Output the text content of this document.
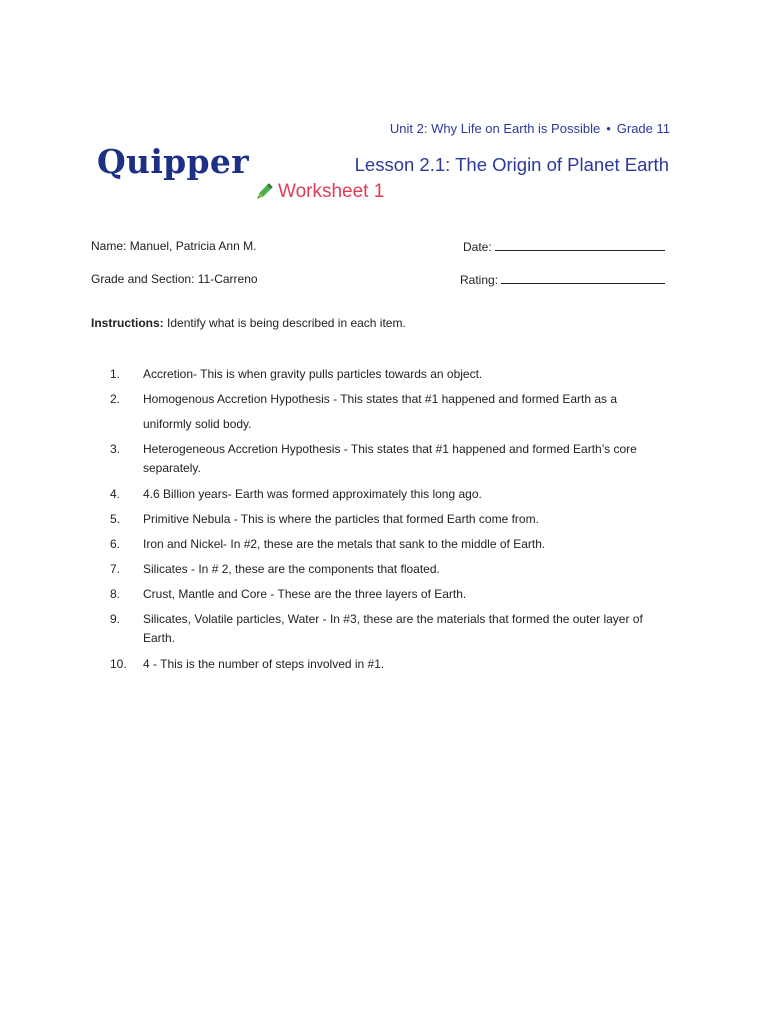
Unit 2: Why Life on Earth is Possible • Grade 11
Quipper	Lesson 2.1: The Origin of Planet Earth
Worksheet 1
Name: Manuel, Patricia Ann M.	Date:
Grade and Section: 11-Carreno	Rating:
Instructions: Identify what is being described in each item.
1. Accretion- This is when gravity pulls particles towards an object.
2. Homogenous Accretion Hypothesis - This states that #1 happened and formed Earth as a uniformly solid body.
3. Heterogeneous Accretion Hypothesis - This states that #1 happened and formed Earth’s core separately.
4. 4.6 Billion years- Earth was formed approximately this long ago.
5. Primitive Nebula - This is where the particles that formed Earth come from.
6. Iron and Nickel- In #2, these are the metals that sank to the middle of Earth.
7. Silicates - In # 2, these are the components that floated.
8. Crust, Mantle and Core - These are the three layers of Earth.
9. Silicates, Volatile particles, Water - In #3, these are the materials that formed the outer layer of Earth.
10. 4 - This is the number of steps involved in #1.
